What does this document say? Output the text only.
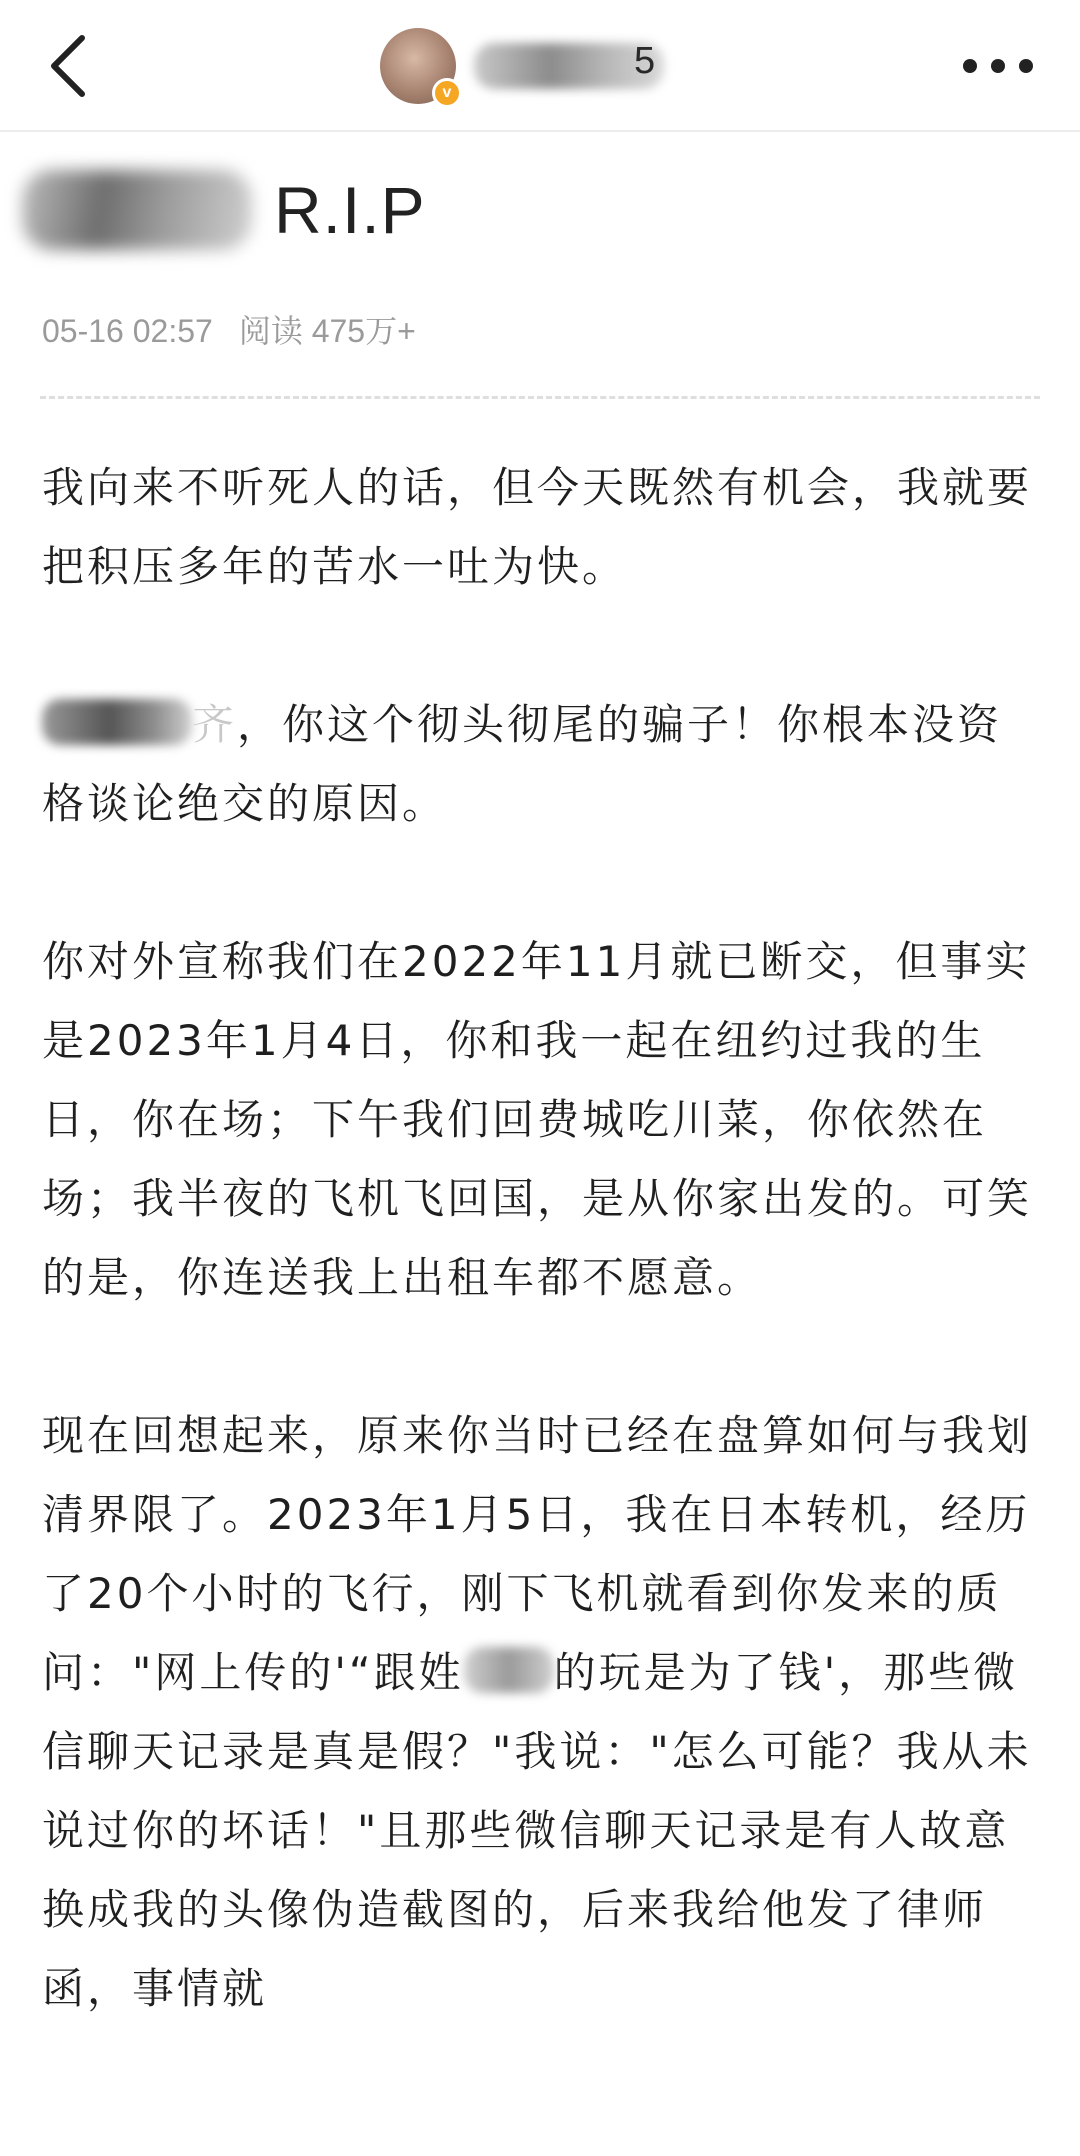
v
5
R.I.P
05-16 02:57 阅读 475万+

我向来不听死人的话，但今天既然有机会，我就要把积压多年的苦水一吐为快。

齐，你这个彻头彻尾的骗子！你根本没资格谈论绝交的原因。

你对外宣称我们在2022年11月就已断交，但事实是2023年1月4日，你和我一起在纽约过我的生日，你在场；下午我们回费城吃川菜，你依然在场；我半夜的飞机飞回国，是从你家出发的。可笑的是，你连送我上出租车都不愿意。

现在回想起来，原来你当时已经在盘算如何与我划清界限了。2023年1月5日，我在日本转机，经历了20个小时的飞行，刚下飞机就看到你发来的质问："网上传的'“跟姓 的玩是为了钱'，那些微信聊天记录是真是假？"我说："怎么可能？我从未说过你的坏话！"且那些微信聊天记录是有人故意换成我的头像伪造截图的，后来我给他发了律师函，事情就
